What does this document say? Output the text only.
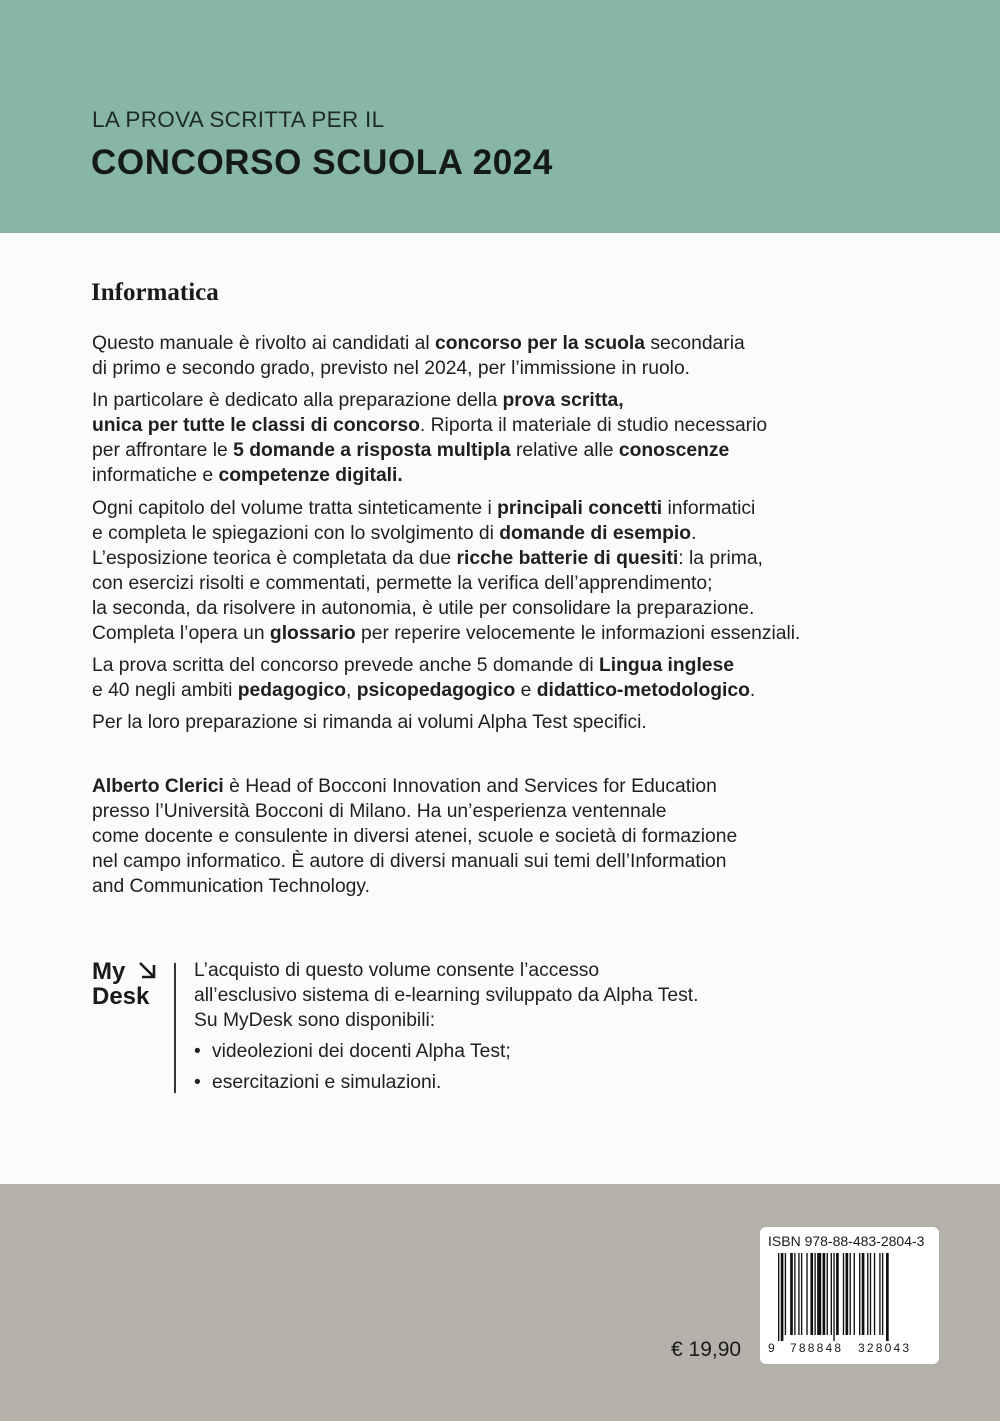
LA PROVA SCRITTA PER IL
CONCORSO SCUOLA 2024
Informatica

Questo manuale è rivolto ai candidati al concorso per la scuola secondaria
di primo e secondo grado, previsto nel 2024, per l’immissione in ruolo.

In particolare è dedicato alla preparazione della prova scritta,
unica per tutte le classi di concorso. Riporta il materiale di studio necessario
per affrontare le 5 domande a risposta multipla relative alle conoscenze
informatiche e competenze digitali.

Ogni capitolo del volume tratta sinteticamente i principali concetti informatici
e completa le spiegazioni con lo svolgimento di domande di esempio.
L’esposizione teorica è completata da due ricche batterie di quesiti: la prima,
con esercizi risolti e commentati, permette la verifica dell’apprendimento;
la seconda, da risolvere in autonomia, è utile per consolidare la preparazione.
Completa l’opera un glossario per reperire velocemente le informazioni essenziali.

La prova scritta del concorso prevede anche 5 domande di Lingua inglese
e 40 negli ambiti pedagogico, psicopedagogico e didattico-metodologico.

Per la loro preparazione si rimanda ai volumi Alpha Test specifici.

Alberto Clerici è Head of Bocconi Innovation and Services for Education
presso l’Università Bocconi di Milano. Ha un’esperienza ventennale
come docente e consulente in diversi atenei, scuole e società di formazione
nel campo informatico. È autore di diversi manuali sui temi dell’Information
and Communication Technology.
My
Desk
L’acquisto di questo volume consente l’accesso
all’esclusivo sistema di e-learning sviluppato da Alpha Test.
Su MyDesk sono disponibili:
• videolezioni dei docenti Alpha Test;
• esercitazioni e simulazioni.
€ 19,90
ISBN 978-88-483-2804-3
9 788848 328043
